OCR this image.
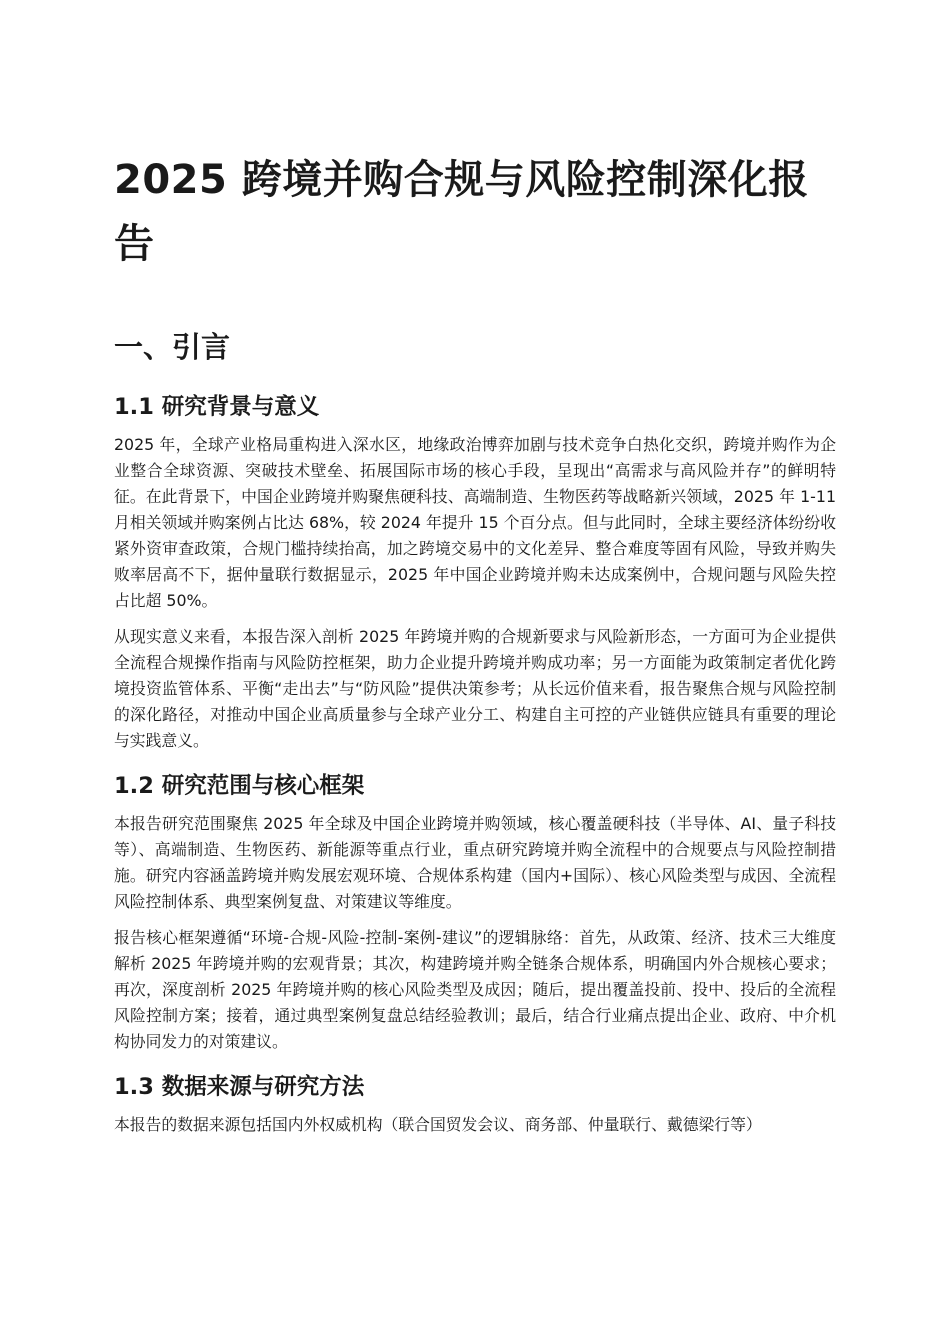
2025 跨境并购合规与风险控制深化报告
一、引言
1.1 研究背景与意义

2025 年，全球产业格局重构进入深水区，地缘政治博弈加剧与技术竞争白热化交织，跨境并购作为企业整合全球资源、突破技术壁垒、拓展国际市场的核心手段，呈现出“高需求与高风险并存”的鲜明特征。在此背景下，中国企业跨境并购聚焦硬科技、高端制造、生物医药等战略新兴领域，2025 年 1-11 月相关领域并购案例占比达 68%，较 2024 年提升 15 个百分点。但与此同时，全球主要经济体纷纷收紧外资审查政策，合规门槛持续抬高，加之跨境交易中的文化差异、整合难度等固有风险，导致并购失败率居高不下，据仲量联行数据显示，2025 年中国企业跨境并购未达成案例中，合规问题与风险失控占比超 50%。

从现实意义来看，本报告深入剖析 2025 年跨境并购的合规新要求与风险新形态，一方面可为企业提供全流程合规操作指南与风险防控框架，助力企业提升跨境并购成功率；另一方面能为政策制定者优化跨境投资监管体系、平衡“走出去”与“防风险”提供决策参考；从长远价值来看，报告聚焦合规与风险控制的深化路径，对推动中国企业高质量参与全球产业分工、构建自主可控的产业链供应链具有重要的理论与实践意义。

1.2 研究范围与核心框架

本报告研究范围聚焦 2025 年全球及中国企业跨境并购领域，核心覆盖硬科技（半导体、AI、量子科技等）、高端制造、生物医药、新能源等重点行业，重点研究跨境并购全流程中的合规要点与风险控制措施。研究内容涵盖跨境并购发展宏观环境、合规体系构建（国内+国际）、核心风险类型与成因、全流程风险控制体系、典型案例复盘、对策建议等维度。

报告核心框架遵循“环境-合规-风险-控制-案例-建议”的逻辑脉络：首先，从政策、经济、技术三大维度解析 2025 年跨境并购的宏观背景；其次，构建跨境并购全链条合规体系，明确国内外合规核心要求；再次，深度剖析 2025 年跨境并购的核心风险类型及成因；随后，提出覆盖投前、投中、投后的全流程风险控制方案；接着，通过典型案例复盘总结经验教训；最后，结合行业痛点提出企业、政府、中介机构协同发力的对策建议。

1.3 数据来源与研究方法

本报告的数据来源包括国内外权威机构（联合国贸发会议、商务部、仲量联行、戴德梁行等）
